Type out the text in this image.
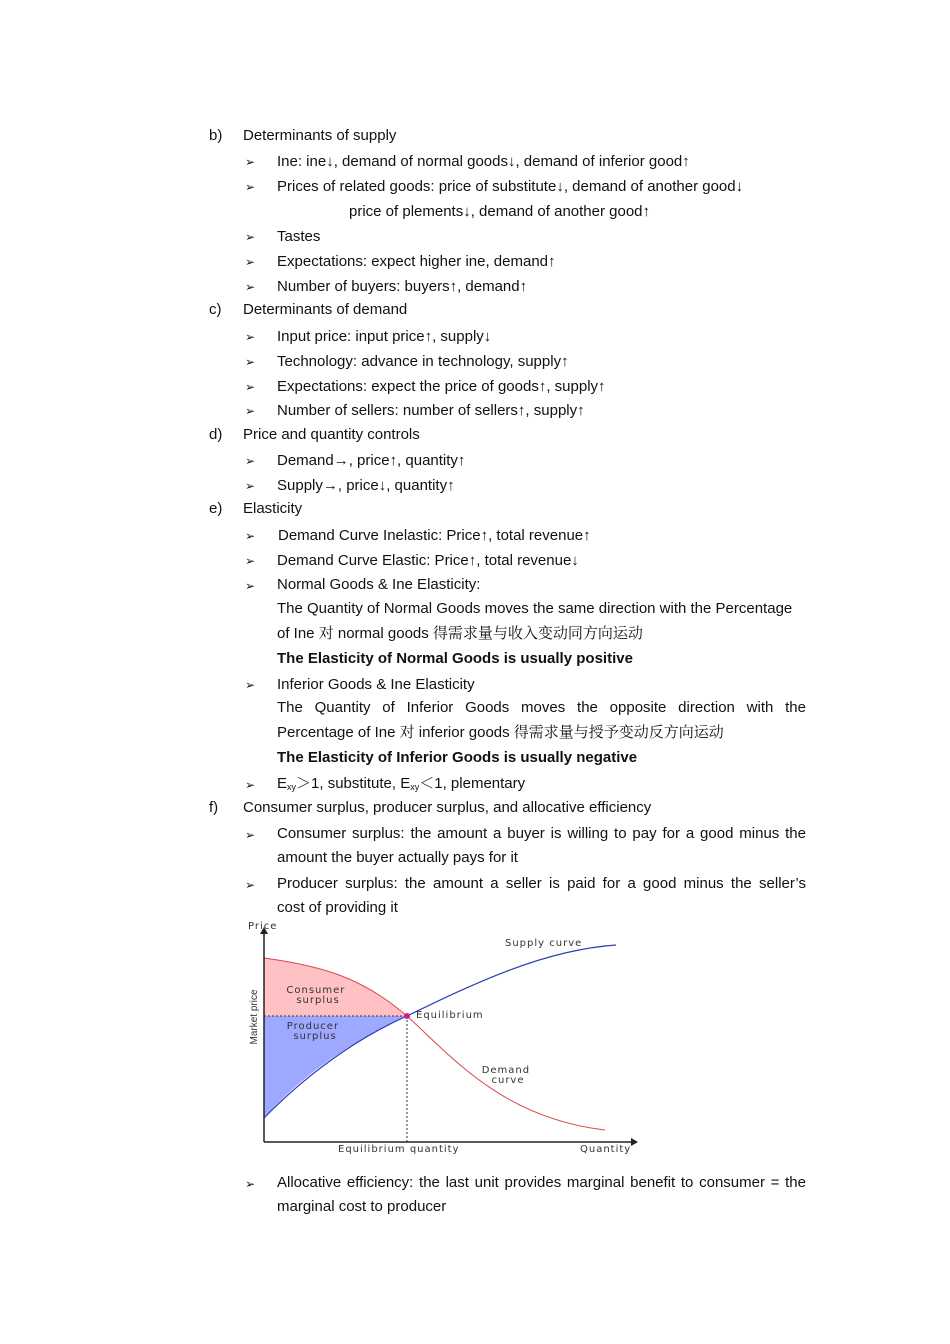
b) Determinants of supply
➢ Ine: ine↓, demand of normal goods↓, demand of inferior good↑
➢ Prices of related goods: price of substitute↓, demand of another good↓
price of plements↓, demand of another good↑
➢ Tastes
➢ Expectations: expect higher ine, demand↑
➢ Number of buyers: buyers↑, demand↑
c) Determinants of demand
➢ Input price: input price↑, supply↓
➢ Technology: advance in technology, supply↑
➢ Expectations: expect the price of goods↑, supply↑
➢ Number of sellers: number of sellers↑, supply↑
d) Price and quantity controls
➢ Demand→, price↑, quantity↑
➢ Supply→, price↓, quantity↑
e) Elasticity
➢ Demand Curve Inelastic: Price↑, total revenue↑
➢ Demand Curve Elastic: Price↑, total revenue↓
➢ Normal Goods & Ine Elasticity:
The Quantity of Normal Goods moves the same direction with the Percentage
of Ine 对 normal goods 得需求量与收入变动同方向运动
The Elasticity of Normal Goods is usually positive
➢ Inferior Goods & Ine Elasticity
The Quantity of Inferior Goods moves the opposite direction with the
Percentage of Ine 对 inferior goods 得需求量与授予变动反方向运动
The Elasticity of Inferior Goods is usually negative
➢ $E_{xy}>1$, substitute, $E_{xy}<1$, plementary
f) Consumer surplus, producer surplus, and allocative efficiency
➢ Consumer surplus: the amount a buyer is willing to pay for a good minus the
amount the buyer actually pays for it
➢ Producer surplus: the amount a seller is paid for a good minus the seller’s
cost of providing it
Price
Quantity
Equilibrium quantity
Market price
Supply curve
Equilibrium
Consumer surplus
Producer surplus
Demand curve
➢ Allocative efficiency: the last unit provides marginal benefit to consumer = the
marginal cost to producer
